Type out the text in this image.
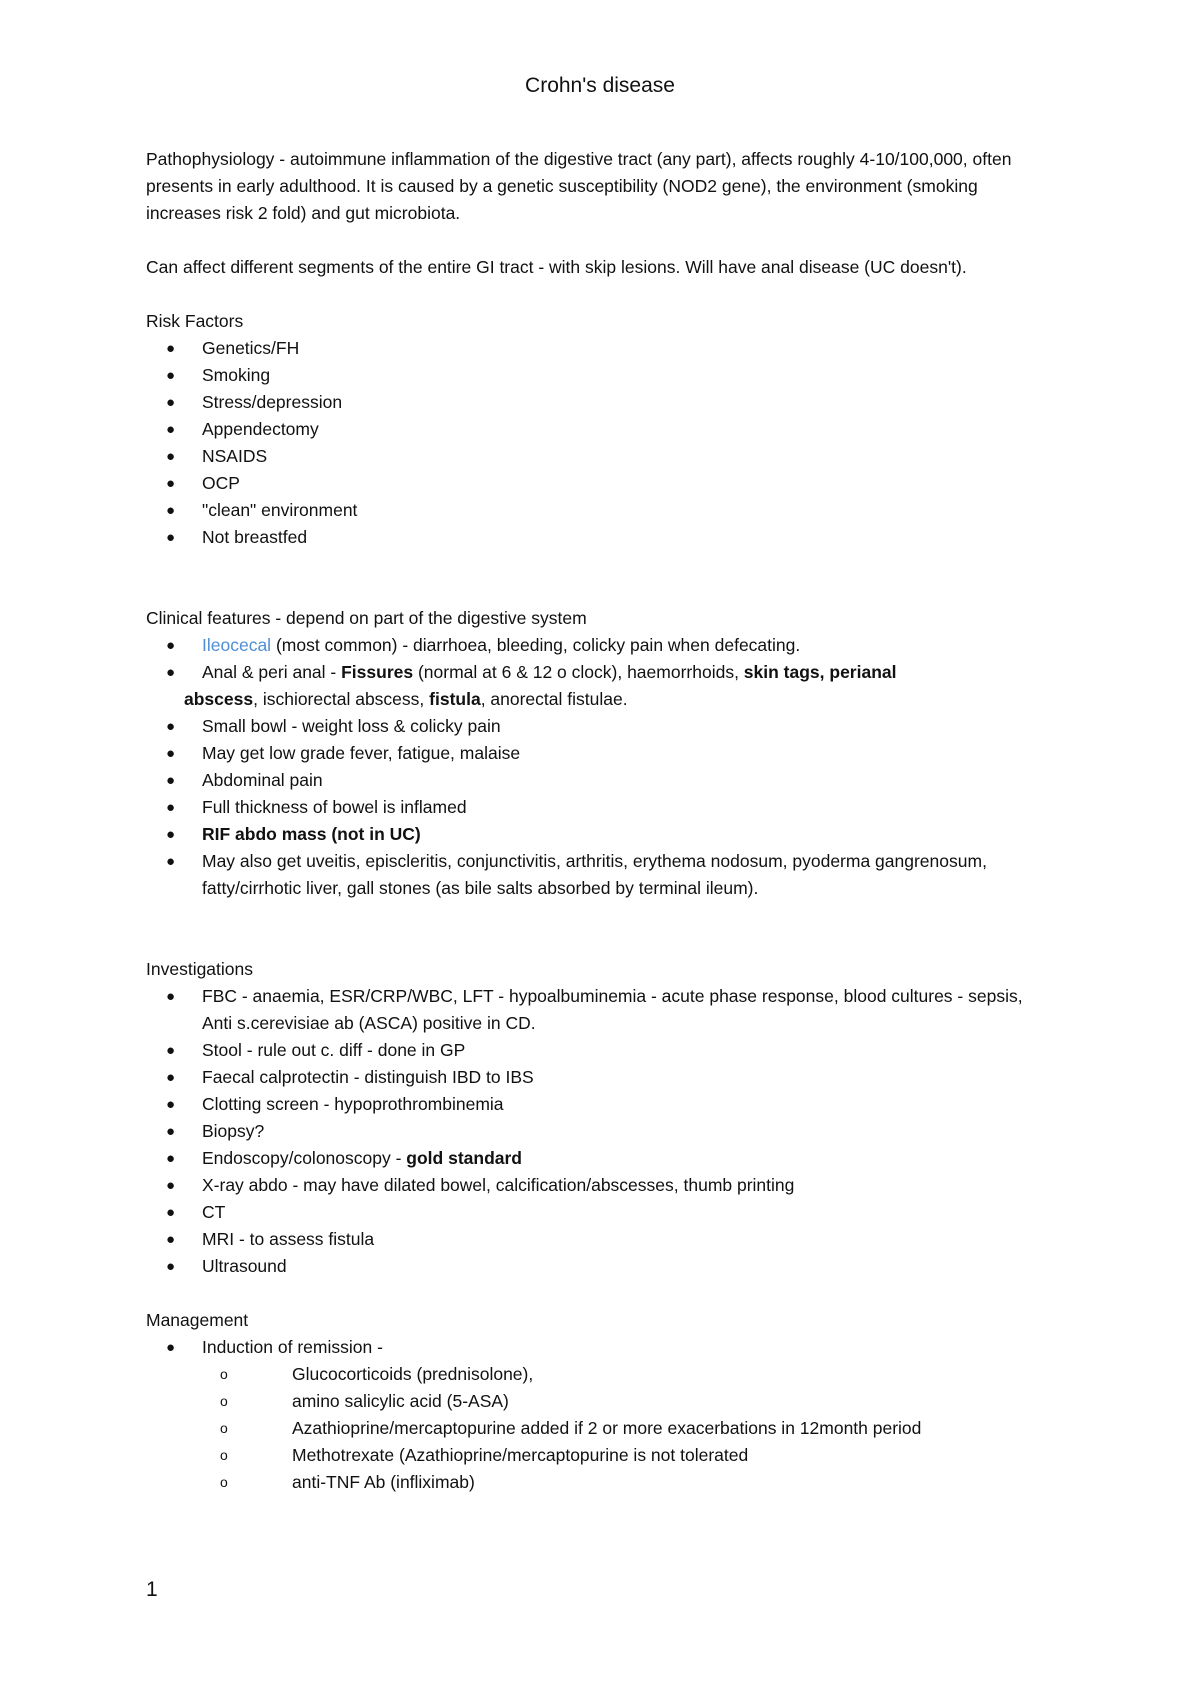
Crohn's disease

Pathophysiology - autoimmune inflammation of the digestive tract (any part), affects roughly 4-10/100,000, often presents in early adulthood. It is caused by a genetic susceptibility (NOD2 gene), the environment (smoking increases risk 2 fold) and gut microbiota.

Can affect different segments of the entire GI tract - with skip lesions. Will have anal disease (UC doesn't).

Risk Factors

● Genetics/FH
● Smoking
● Stress/depression
● Appendectomy
● NSAIDS
● OCP
● "clean" environment
● Not breastfed

Clinical features - depend on part of the digestive system

● Ileocecal (most common) - diarrhoea, bleeding, colicky pain when defecating.
● Anal & peri anal - Fissures (normal at 6 & 12 o clock), haemorrhoids, skin tags, perianal
abscess, ischiorectal abscess, fistula, anorectal fistulae.
● Small bowl - weight loss & colicky pain
● May get low grade fever, fatigue, malaise
● Abdominal pain
● Full thickness of bowel is inflamed
● RIF abdo mass (not in UC)
● May also get uveitis, episcleritis, conjunctivitis, arthritis, erythema nodosum, pyoderma gangrenosum, fatty/cirrhotic liver, gall stones (as bile salts absorbed by terminal ileum).

Investigations

● FBC - anaemia, ESR/CRP/WBC, LFT - hypoalbuminemia - acute phase response, blood cultures - sepsis, Anti s.cerevisiae ab (ASCA) positive in CD.
● Stool - rule out c. diff - done in GP
● Faecal calprotectin - distinguish IBD to IBS
● Clotting screen - hypoprothrombinemia
● Biopsy?
● Endoscopy/colonoscopy - gold standard
● X-ray abdo - may have dilated bowel, calcification/abscesses, thumb printing
● CT
● MRI - to assess fistula
● Ultrasound

Management

● Induction of remission -
o	Glucocorticoids (prednisolone),
o	amino salicylic acid (5-ASA)
o	Azathioprine/mercaptopurine added if 2 or more exacerbations in 12month period
o	Methotrexate (Azathioprine/mercaptopurine is not tolerated
o	anti-TNF Ab (infliximab)
1
